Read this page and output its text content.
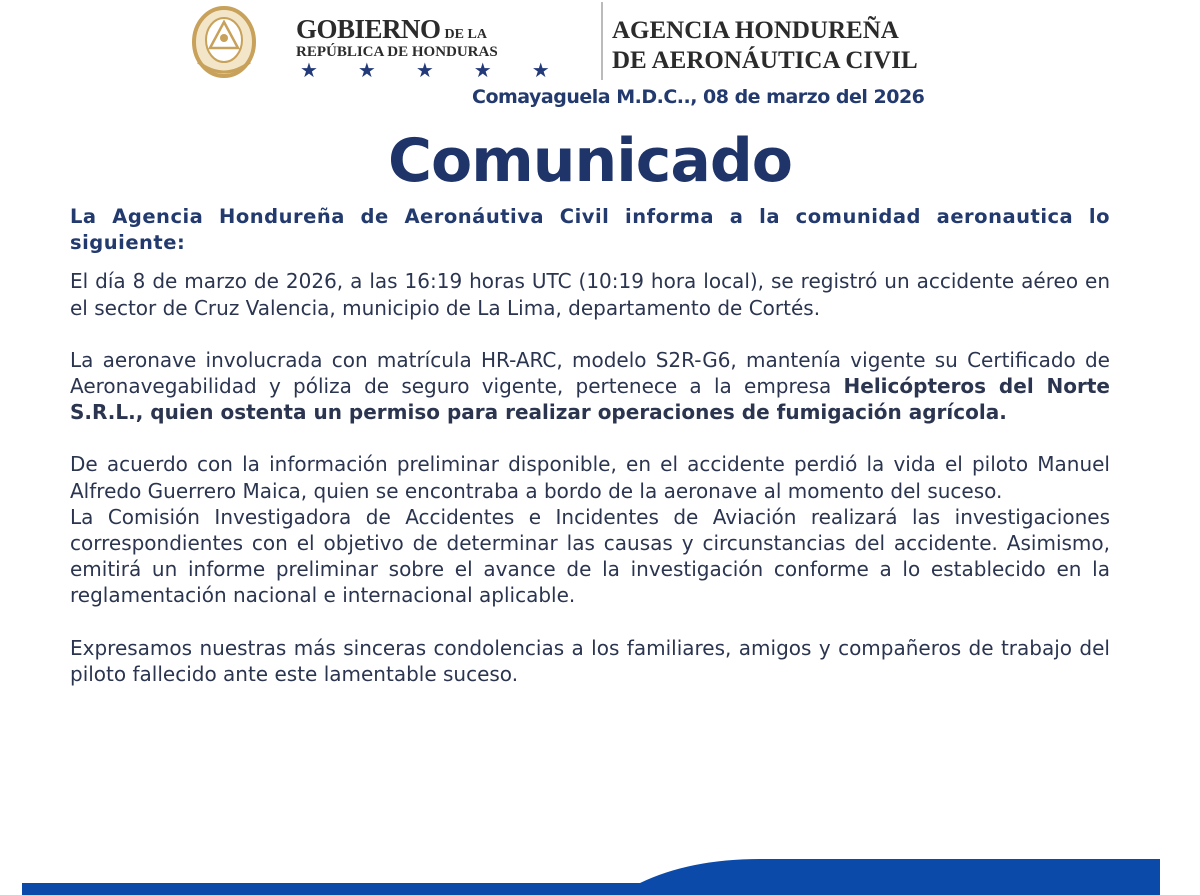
GOBIERNO DE LA
REPÚBLICA DE HONDURAS
★★★★★
AGENCIA HONDUREÑA
DE AERONÁUTICA CIVIL
Comayaguela M.D.C.., 08 de marzo del 2026
Comunicado

La Agencia Hondureña de Aeronáutiva Civil informa a la comunidad aeronautica lo siguiente:

El día 8 de marzo de 2026, a las 16:19 horas UTC (10:19 hora local), se registró un accidente aéreo en el sector de Cruz Valencia, municipio de La Lima, departamento de Cortés.

La aeronave involucrada con matrícula HR-ARC, modelo S2R-G6, mantenía vigente su Certificado de Aeronavegabilidad y póliza de seguro vigente, pertenece a la empresa Helicópteros del Norte S.R.L., quien ostenta un permiso para realizar operaciones de fumigación agrícola.

De acuerdo con la información preliminar disponible, en el accidente perdió la vida el piloto Manuel Alfredo Guerrero Maica, quien se encontraba a bordo de la aeronave al momento del suceso.

La Comisión Investigadora de Accidentes e Incidentes de Aviación realizará las investigaciones correspondientes con el objetivo de determinar las causas y circunstancias del accidente. Asimismo, emitirá un informe preliminar sobre el avance de la investigación conforme a lo establecido en la reglamentación nacional e internacional aplicable.

Expresamos nuestras más sinceras condolencias a los familiares, amigos y compañeros de trabajo del piloto fallecido ante este lamentable suceso.
